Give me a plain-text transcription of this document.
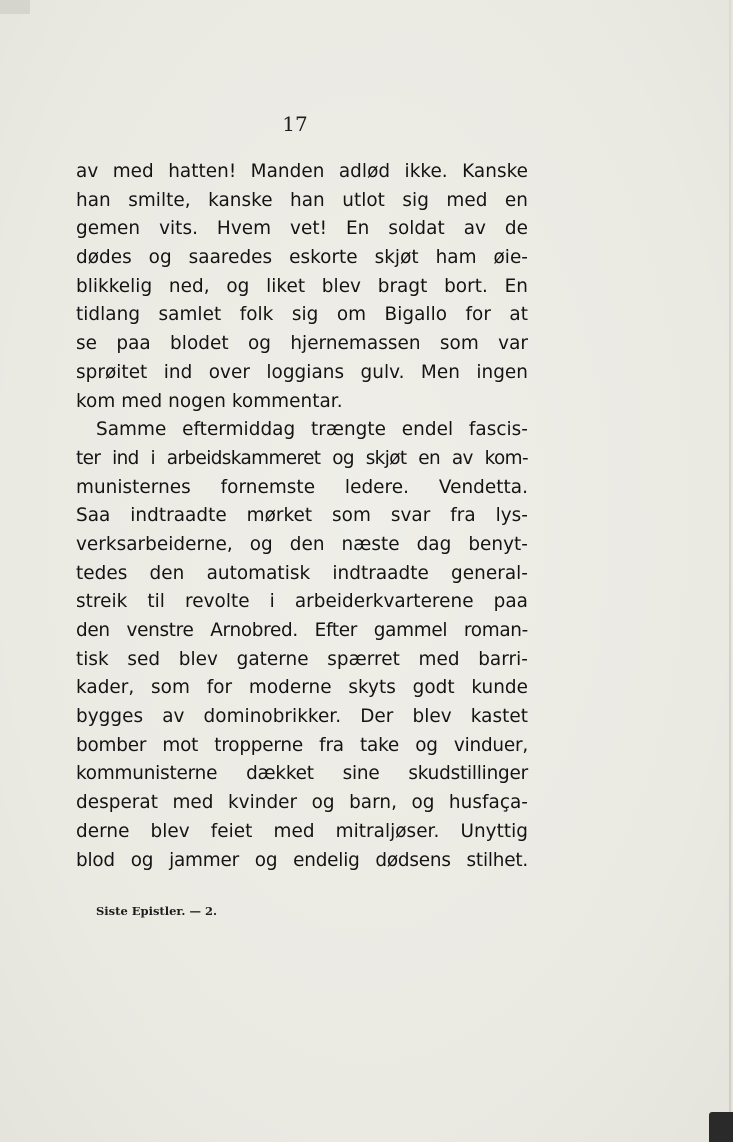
17
av med hatten! Manden adlød ikke. Kanske
han smilte, kanske han utlot sig med en
gemen vits. Hvem vet! En soldat av de
dødes og saaredes eskorte skjøt ham øie-
blikkelig ned, og liket blev bragt bort. En
tidlang samlet folk sig om Bigallo for at
se paa blodet og hjernemassen som var
sprøitet ind over loggians gulv. Men ingen
kom med nogen kommentar.
Samme eftermiddag trængte endel fascis-
ter ind i arbeidskammeret og skjøt en av kom-
munisternes fornemste ledere. Vendetta.
Saa indtraadte mørket som svar fra lys-
verksarbeiderne, og den næste dag benyt-
tedes den automatisk indtraadte general-
streik til revolte i arbeiderkvarterene paa
den venstre Arnobred. Efter gammel roman-
tisk sed blev gaterne spærret med barri-
kader, som for moderne skyts godt kunde
bygges av dominobrikker. Der blev kastet
bomber mot tropperne fra take og vinduer,
kommunisterne dækket sine skudstillinger
desperat med kvinder og barn, og husfaça-
derne blev feiet med mitraljøser. Unyttig
blod og jammer og endelig dødsens stilhet.
Siste Epistler. — 2.
